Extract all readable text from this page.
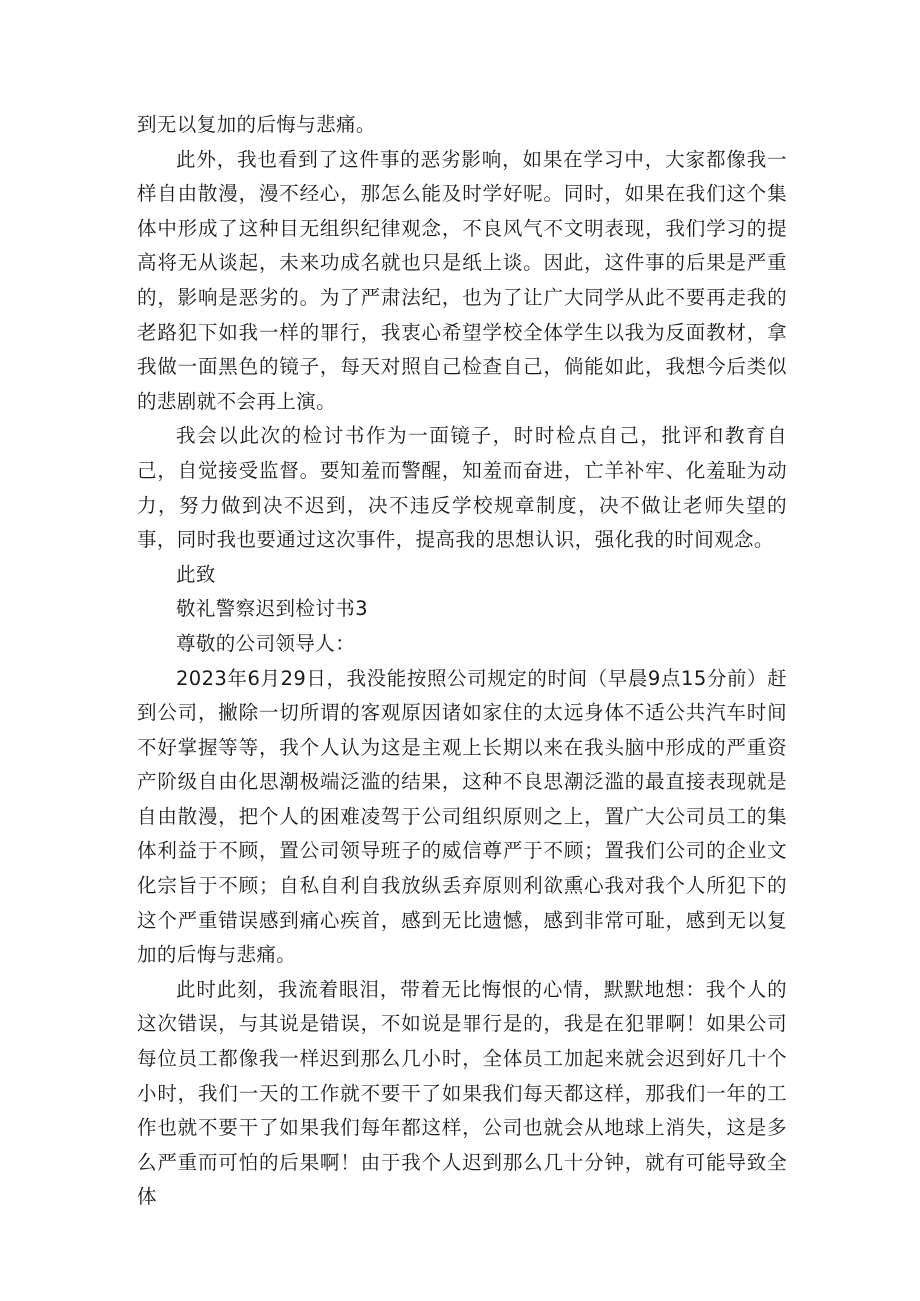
到无以复加的后悔与悲痛。

此外，我也看到了这件事的恶劣影响，如果在学习中，大家都像我一样自由散漫，漫不经心，那怎么能及时学好呢。同时，如果在我们这个集体中形成了这种目无组织纪律观念，不良风气不文明表现，我们学习的提高将无从谈起，未来功成名就也只是纸上谈。因此，这件事的后果是严重的，影响是恶劣的。为了严肃法纪，也为了让广大同学从此不要再走我的老路犯下如我一样的罪行，我衷心希望学校全体学生以我为反面教材，拿我做一面黑色的镜子，每天对照自己检查自己，倘能如此，我想今后类似的悲剧就不会再上演。

我会以此次的检讨书作为一面镜子，时时检点自己，批评和教育自己，自觉接受监督。要知羞而警醒，知羞而奋进，亡羊补牢、化羞耻为动力，努力做到决不迟到，决不违反学校规章制度，决不做让老师失望的事，同时我也要通过这次事件，提高我的思想认识，强化我的时间观念。

此致

敬礼警察迟到检讨书3

尊敬的公司领导人：

2023年6月29日，我没能按照公司规定的时间（早晨9点15分前）赶到公司，撇除一切所谓的客观原因诸如家住的太远身体不适公共汽车时间不好掌握等等，我个人认为这是主观上长期以来在我头脑中形成的严重资产阶级自由化思潮极端泛滥的结果，这种不良思潮泛滥的最直接表现就是自由散漫，把个人的困难凌驾于公司组织原则之上，置广大公司员工的集体利益于不顾，置公司领导班子的威信尊严于不顾；置我们公司的企业文化宗旨于不顾；自私自利自我放纵丢弃原则利欲熏心我对我个人所犯下的这个严重错误感到痛心疾首，感到无比遗憾，感到非常可耻，感到无以复加的后悔与悲痛。

此时此刻，我流着眼泪，带着无比悔恨的心情，默默地想：我个人的这次错误，与其说是错误，不如说是罪行是的，我是在犯罪啊！如果公司每位员工都像我一样迟到那么几小时，全体员工加起来就会迟到好几十个小时，我们一天的工作就不要干了如果我们每天都这样，那我们一年的工作也就不要干了如果我们每年都这样，公司也就会从地球上消失，这是多么严重而可怕的后果啊！由于我个人迟到那么几十分钟，就有可能导致全体
